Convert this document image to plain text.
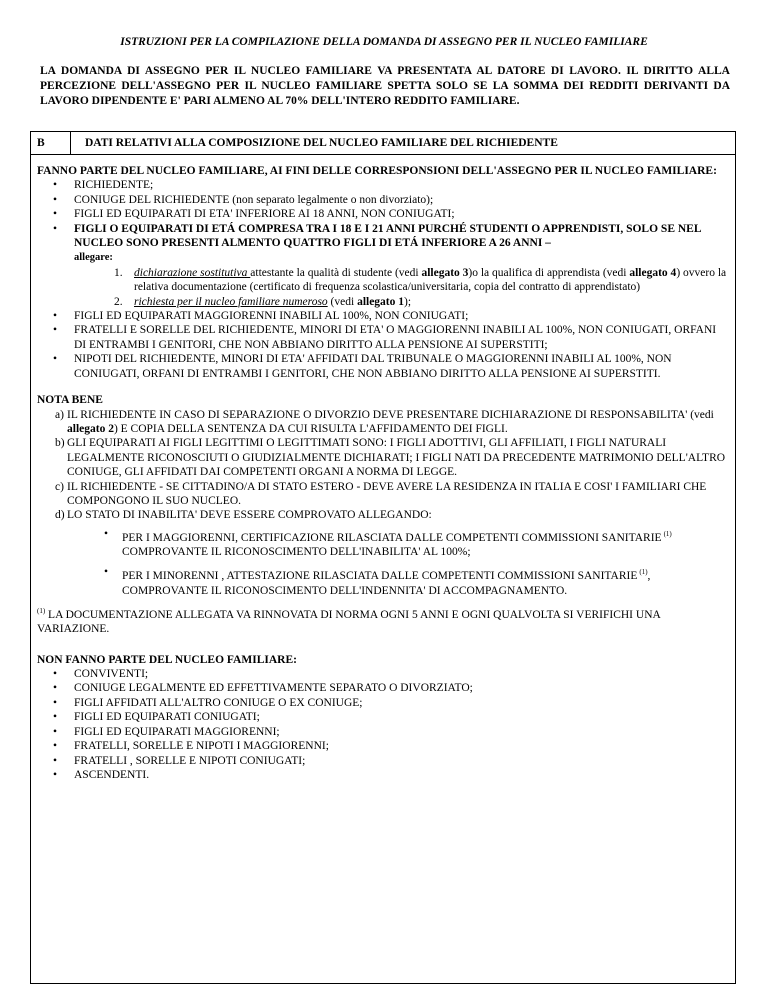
ISTRUZIONI PER LA COMPILAZIONE DELLA DOMANDA DI ASSEGNO PER IL NUCLEO FAMILIARE
LA DOMANDA DI ASSEGNO PER IL NUCLEO FAMILIARE VA PRESENTATA AL DATORE DI LAVORO. IL DIRITTO ALLA PERCEZIONE DELL'ASSEGNO PER IL NUCLEO FAMILIARE SPETTA SOLO SE LA SOMMA DEI REDDITI DERIVANTI DA LAVORO DIPENDENTE E' PARI ALMENO AL 70% DELL'INTERO REDDITO FAMILIARE.
B	DATI RELATIVI ALLA COMPOSIZIONE DEL NUCLEO FAMILIARE DEL RICHIEDENTE
FANNO PARTE DEL NUCLEO FAMILIARE, AI FINI DELLE CORRESPONSIONI DELL'ASSEGNO PER IL NUCLEO FAMILIARE:
• RICHIEDENTE;
• CONIUGE DEL RICHIEDENTE (non separato legalmente o non divorziato);
• FIGLI ED EQUIPARATI DI ETA' INFERIORE AI 18 ANNI, NON CONIUGATI;
• FIGLI O EQUIPARATI DI ETÁ COMPRESA TRA I 18 E I 21 ANNI PURCHÉ STUDENTI O APPRENDISTI, SOLO SE NEL NUCLEO SONO PRESENTI ALMENTO QUATTRO FIGLI DI ETÁ INFERIORE A 26 ANNI –
allegare:
1. dichiarazione sostitutiva attestante la qualità di studente (vedi allegato 3)o la qualifica di apprendista (vedi allegato 4) ovvero la relativa documentazione (certificato di frequenza scolastica/universitaria, copia del contratto di apprendistato)
2. richiesta per il nucleo familiare numeroso (vedi allegato 1);
• FIGLI ED EQUIPARATI MAGGIORENNI INABILI AL 100%, NON CONIUGATI;
• FRATELLI E SORELLE DEL RICHIEDENTE, MINORI DI ETA' O MAGGIORENNI INABILI AL 100%, NON CONIUGATI, ORFANI DI ENTRAMBI I GENITORI, CHE NON ABBIANO DIRITTO ALLA PENSIONE AI SUPERSTITI;
• NIPOTI DEL RICHIEDENTE, MINORI DI ETA' AFFIDATI DAL TRIBUNALE O MAGGIORENNI INABILI AL 100%, NON CONIUGATI, ORFANI DI ENTRAMBI I GENITORI, CHE NON ABBIANO DIRITTO ALLA PENSIONE AI SUPERSTITI.
NOTA BENE
a) IL RICHIEDENTE IN CASO DI SEPARAZIONE O DIVORZIO DEVE PRESENTARE DICHIARAZIONE DI RESPONSABILITA' (vedi allegato 2) E COPIA DELLA SENTENZA DA CUI RISULTA L'AFFIDAMENTO DEI FIGLI.
b) GLI EQUIPARATI AI FIGLI LEGITTIMI O LEGITTIMATI SONO: I FIGLI ADOTTIVI, GLI AFFILIATI, I FIGLI NATURALI LEGALMENTE RICONOSCIUTI O GIUDIZIALMENTE DICHIARATI; I FIGLI NATI DA PRECEDENTE MATRIMONIO DELL'ALTRO CONIUGE, GLI AFFIDATI DAI COMPETENTI ORGANI A NORMA DI LEGGE.
c) IL RICHIEDENTE - SE CITTADINO/A DI STATO ESTERO - DEVE AVERE LA RESIDENZA IN ITALIA E COSI' I FAMILIARI CHE COMPONGONO IL SUO NUCLEO.
d) LO STATO DI INABILITA' DEVE ESSERE COMPROVATO ALLEGANDO:
• PER I MAGGIORENNI, CERTIFICAZIONE RILASCIATA DALLE COMPETENTI COMMISSIONI SANITARIE $^{(1)}$ COMPROVANTE IL RICONOSCIMENTO DELL'INABILITA' AL 100%;
• PER I MINORENNI , ATTESTAZIONE RILASCIATA DALLE COMPETENTI COMMISSIONI SANITARIE $^{(1)}$, COMPROVANTE IL RICONOSCIMENTO DELL'INDENNITA' DI ACCOMPAGNAMENTO.
$^{(1)}$ LA DOCUMENTAZIONE ALLEGATA VA RINNOVATA DI NORMA OGNI 5 ANNI E OGNI QUALVOLTA SI VERIFICHI UNA VARIAZIONE.
NON FANNO PARTE DEL NUCLEO FAMILIARE:
• CONVIVENTI;
• CONIUGE LEGALMENTE ED EFFETTIVAMENTE SEPARATO O DIVORZIATO;
• FIGLI AFFIDATI ALL'ALTRO CONIUGE O EX CONIUGE;
• FIGLI ED EQUIPARATI CONIUGATI;
• FIGLI ED EQUIPARATI MAGGIORENNI;
• FRATELLI, SORELLE E NIPOTI I MAGGIORENNI;
• FRATELLI , SORELLE E NIPOTI CONIUGATI;
• ASCENDENTI.
